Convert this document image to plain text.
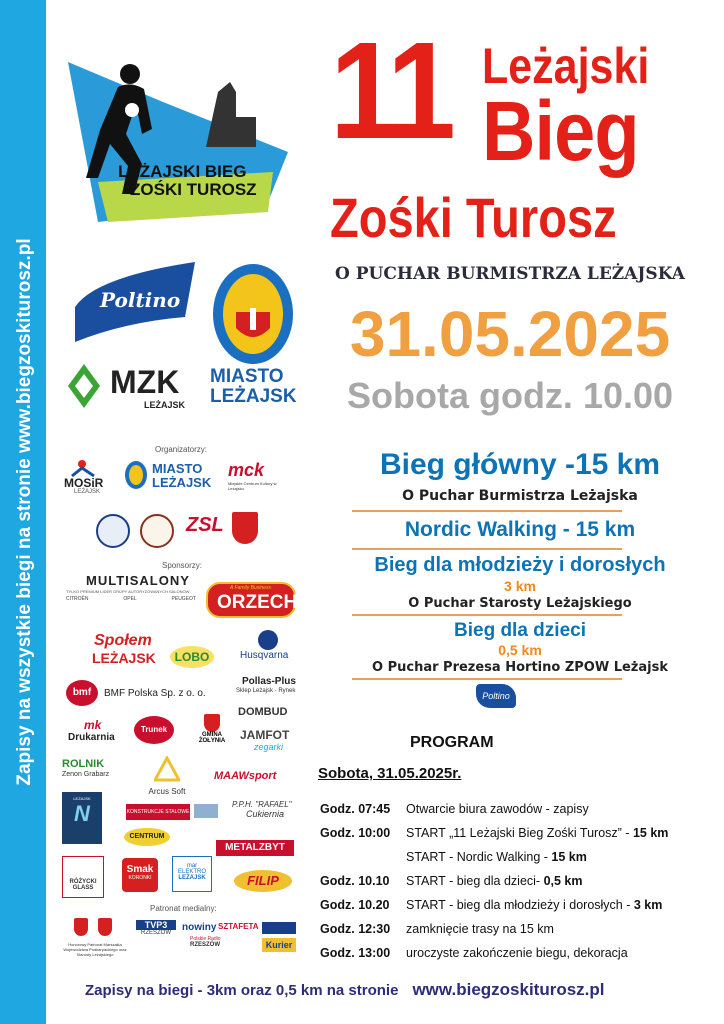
Zapisy na wszystkie biegi na stronie www.biegzoskiturosz.pl
LEŻAJSKI BIEG
ZOŚKI TUROSZ
Poltino
MZK
LEŻAJSK
MIASTO
LEŻAJSK
11 Leżajski
Bieg
Zośki Turosz
O PUCHAR BURMISTRZA LEŻAJSKA
31.05.2025
Sobota godz. 10.00
Bieg główny -15 km
O Puchar Burmistrza Leżajska
Nordic Walking - 15 km
Bieg dla młodzieży i dorosłych
3 km
O Puchar Starosty Leżajskiego
Bieg dla dzieci
0,5 km
O Puchar Prezesa Hortino ZPOW Leżajsk
Poltino
Organizatorzy:
MOSiR
LEŻAJSK
MIASTO LEŻAJSK
mck
Miejskie Centrum Kultury w Leżajsku
ZSL
Sponsorzy:
MULTISALONY
TYLKO PREMIUM LIDER GRUPY AUTORYZOWANYCH SALONÓW
CITROËN	OPEL	PEUGEOT
A Family Business
ORZECH
Społem
LEŻAJSK	LOBO	Husqvarna
Pollas-Plus
Sklep Leżajsk - Rynek
bmf	BMF Polska Sp. z o. o.
DOMBUD
mk
Drukarnia
Trunek
GMINA
ŻOŁYNIA	JAMFOT
zegarki
ROLNIK
Zenon Grabarz
Arcus Soft
MAAWsport
LEŻAJSK
N	KONSTRUKCJE STALOWE
P.P.H. "RAFAEL"
Cukiernia
CENTRUM
METALZBYT
RÓŻYCKI
GLASS
Smak
KORONKI
mar ELEKTRO
LEŻAJSK	FILIP
Patronat medialny:
Honorowy Patronat Marszałka Województwa Podkarpackiego oraz Starosty Leżajskiego
TVP3
RZESZÓW	nowiny SZTAFETA
Polskie Radio
RZESZÓW	Kurier
PROGRAM
Sobota, 31.05.2025r.
Godz. 07:45 Otwarcie biura zawodów - zapisy
Godz. 10:00 START „11 Leżajski Bieg Zośki Turosz” - 15 km
START - Nordic Walking - 15 km
Godz. 10.10 START - bieg dla dzieci- 0,5 km
Godz. 10.20 START - bieg dla młodzieży i dorosłych - 3 km
Godz. 12:30 zamknięcie trasy na 15 km
Godz. 13:00 uroczyste zakończenie biegu, dekoracja
Zapisy na biegi - 3km oraz 0,5 km na stronie www.biegzoskiturosz.pl
